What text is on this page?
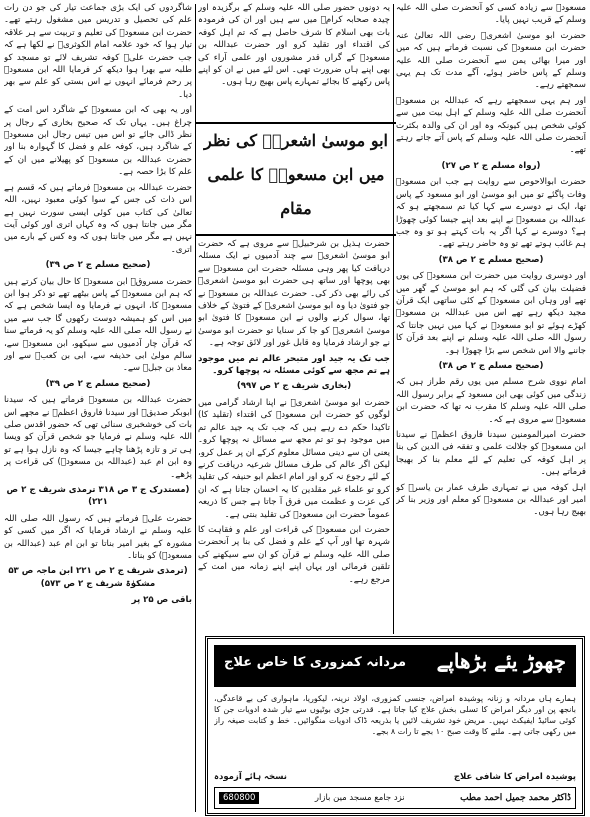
مسعودؓ سے زیادہ کسی کو آنحضرت صلی اللہ علیہ وسلم کے قریب نہیں پایا۔

حضرت ابو موسیٰ اشعریؓ رضی اللہ تعالیٰ عنہ حضرت ابن مسعودؓ کی نسبت فرماتے ہیں کہ میں اور میرا بھائی یمن سے آنحضرت صلی اللہ علیہ وسلم کے پاس حاضر ہوئے، آگے مدت تک ہم یہی سمجھتے رہے۔

اور ہم یہی سمجھتے رہے کہ عبداللہ بن مسعودؓ آنحضرت صلی اللہ علیہ وسلم کے اہل بیت میں سے کوئی شخص ہیں کیونکہ وہ اور ان کی والدہ بکثرت آنحضرت صلی اللہ علیہ وسلم کے پاس آتے جاتے رہتے تھے۔

(رواہ مسلم ج ۲ ص ۲۷)

حضرت ابوالاحوص سے روایت ہے جب ابن مسعودؓ وفات پاگئے تو میں ابو موسیٰ اور ابو مسعود کے پاس تھا، ایک نے دوسرے سے کہا کیا تم سمجھتے ہو کہ عبداللہ بن مسعودؓ نے اپنے بعد اپنے جیسا کوئی چھوڑا ہے؟ دوسرے نے کہا اگر یہ بات کہتے ہو تو وہ جب ہم غائب ہوتے تھے تو وہ حاضر رہتے تھے۔

(صحیح مسلم ج ۲ ص ۳۸)

اور دوسری روایت میں حضرت ابن مسعودؓ کی یوں فضیلت بیان کی گئی کہ ہم ابو موسیٰ کے گھر میں تھے اور وہاں ابن مسعودؓ کے کئی ساتھی ایک قرآن مجید دیکھ رہے تھے اس میں عبداللہ بن مسعودؓ کھڑے ہوئے تو ابو مسعودؓ نے کہا میں نہیں جانتا کہ رسول اللہ صلی اللہ علیہ وسلم نے اپنے بعد قرآن کا جاننے والا اس شخص سے بڑا چھوڑا ہو۔

(صحیح مسلم ج ۲ ص ۳۸)

امام نووی شرح مسلم میں یوں رقم طراز ہیں کہ زندگی میں کوئی بھی ابن مسعود کے برابر رسول اللہ صلی اللہ علیہ وسلم کا مقرب نہ تھا کہ حضرت ابن مسعودؓ سے مروی ہے کہ۔

حضرت امیرالمومنین سیدنا فاروق اعظمؓ نے سیدنا ابن مسعودؓ کو جلالت علمی و تفقہ فی الدین کی بنا پر اہل کوفہ کی تعلیم کے لئے معلم بنا کر بھیجا فرماتے ہیں۔

اہل کوفہ میں نے تمہاری طرف عمار بن یاسرؓ کو امیر اور عبداللہ بن مسعودؓ کو معلم اور وزیر بنا کر بھیج رہا ہوں۔

یہ دونوں حضور صلی اللہ علیہ وسلم کے برگزیدہ اور چیدہ صحابہ کرامؓ میں سے ہیں اور ان کی فرمودہ بات بھی اسلام کا شرف حاصل ہے کہ تم اہل کوفہ کی اقتداء اور تقلید کرو اور حضرت عبداللہ بن مسعودؓ کے گراں قدر مشوروں اور علمی آراء کی بھی اپنے ہاں ضرورت تھی۔ اس لئے میں نے ان کو اپنے پاس رکھنے کا بجائے تمہارے پاس بھیج رہا ہوں۔

ابو موسیٰ اشعریؓ کی نظر میں ابن مسعودؓ کا علمی مقام

حضرت ہذیل بن شرحبیلؓ سے مروی ہے کہ حضرت ابو موسیٰ اشعریؓ سے چند آدمیوں نے ایک مسئلہ دریافت کیا پھر وہی مسئلہ حضرت ابن مسعودؓ سے بھی پوچھا اور ساتھ ہی حضرت ابو موسیٰ اشعریؓ کی رائے بھی ذکر کی۔ حضرت عبداللہ بن مسعودؓ نے جو فتویٰ دیا وہ ابو موسیٰ اشعریؓ کے فتویٰ کے خلاف تھا، سوال کرنے والوں نے ابن مسعودؓ کا فتویٰ ابو موسیٰ اشعریؓ کو جا کر سنایا تو حضرت ابو موسیٰ نے جو ارشاد فرمایا وہ قابل غور اور لائق توجہ ہے۔

جب تک یہ جید اور متبحر عالم تم میں موجود ہے تم مجھ سے کوئی مسئلہ نہ پوچھا کرو۔

(بخاری شریف ج ۲ ص ۹۹۷)

حضرت ابو موسیٰ اشعریؓ نے اپنا ارشاد گرامی میں لوگوں کو حضرت ابن مسعودؓ کی اقتداء (تقلید کا) تاکیدا حکم دے رہے ہیں کہ جب تک یہ جید عالم تم میں موجود ہو تو تم مجھ سے مسائل نہ پوچھا کرو۔ یعنی ان سے دینی مسائل معلوم کرکے ان پر عمل کرو، لیکن اگر عالم کی طرف مسائل شرعیہ دریافت کرنے کے لئے رجوع نہ کرو اور امام اعظم ابو حنیفہ کی تقلید کرو تو علماء غیر مقلدین کا یہ احسان جتانا ہے کہ ان کی عزت و عظمت میں فرق آ جاتا ہے جس کا ذریعہ عموماً حضرت ابن مسعودؓ کی تقلید بنتی ہے۔

حضرت ابن مسعودؓ کی قراءت اور علم و فقاہت کا شہرہ تھا اور آپ کے علم و فضل کی بنا پر آنحضرت صلی اللہ علیہ وسلم نے قرآن کو ان سے سیکھنے کی تلقین فرمائی اور یہاں اپنے اپنے زمانہ میں امت کے مرجع رہے۔

شاگردوں کی ایک بڑی جماعت تیار کی جو دن رات علم کی تحصیل و تدریس میں مشغول رہتے تھے۔ حضرت ابن مسعودؓ کی تعلیم و تربیت سے ہر علاقہ تیار ہوا کہ خود علامہ امام الکوثریؒ نے لکھا ہے کہ جب حضرت علیؓ کوفہ تشریف لائے تو مسجد کو طلبہ سے بھرا ہوا دیکھ کر فرمایا اللہ ابن مسعودؓ پر رحم فرمائے انہوں نے اس بستی کو علم سے بھر دیا۔

اور یہ بھی کہ ابن مسعودؓ کے شاگرد اس امت کے چراغ ہیں۔ یہاں تک کہ صحیح بخاری کے رجال پر نظر ڈالی جائے تو اس میں تیس رجال ابن مسعودؓ کے شاگرد ہیں، کوفہ علم و فضل کا گہوارہ بنا اور حضرت عبداللہ بن مسعودؓ کو پھیلانے میں ان کے علم کا بڑا حصہ ہے۔

حضرت عبداللہ بن مسعودؓ فرماتے ہیں کہ قسم ہے اس ذات کی جس کے سوا کوئی معبود نہیں، اللہ تعالیٰ کی کتاب میں کوئی ایسی سورت نہیں ہے مگر میں جانتا ہوں کہ وہ کہاں اتری اور کوئی آیت نہیں ہے مگر میں جانتا ہوں کہ وہ کس کے بارے میں اتری۔

(صحیح مسلم ج ۲ ص ۳۹)

حضرت مسروقؒ ابن مسعودؓ کا حال بیان کرتے ہیں کہ ہم ابن مسعودؓ کے پاس بیٹھے تھے تو ذکر ہوا ابن مسعودؓ کا، انہوں نے فرمایا وہ ایسا شخص ہے کہ میں اس کو ہمیشہ دوست رکھوں گا جب سے میں نے رسول اللہ صلی اللہ علیہ وسلم کو یہ فرماتے سنا کہ قرآن چار آدمیوں سے سیکھو، ابن مسعودؓ سے، سالم مولیٰ ابی حذیفہ سے، ابی بن کعبؓ سے اور معاذ بن جبلؓ سے۔

(صحیح مسلم ج ۲ ص ۳۹)

حضرت عبداللہ بن مسعودؓ فرماتے ہیں کہ سیدنا ابوبکر صدیقؓ اور سیدنا فاروق اعظمؓ نے مجھے اس بات کی خوشخبری سنائی تھی کہ حضور اقدس صلی اللہ علیہ وسلم نے فرمایا جو شخص قرآن کو ویسا ہی تر و تازہ پڑھنا چاہے جیسا کہ وہ نازل ہوا ہے تو وہ ابن ام عبد (عبداللہ بن مسعودؓ) کی قراءت پر پڑھے۔

(مستدرک ج ۳ ص ۳۱۸ ترمذی شریف ج ۲ ص ۲۲۱)

حضرت علیؓ فرماتے ہیں کہ رسول اللہ صلی اللہ علیہ وسلم نے ارشاد فرمایا کہ اگر میں کسی کو مشورہ کے بغیر امیر بناتا تو ابن ام عبد (عبداللہ بن مسعودؓ) کو بناتا۔

(ترمذی شریف ج ۲ ص ۲۲۱ ابن ماجہ ص ۵۳ مشکوٰۃ شریف ج ۲ ص ۵۷۳)
باقی ص ۲۵ پر
چھوڑ یئے بڑھاپے
مردانہ کمزوری کا خاص علاج
ہمارے ہاں مردانہ و زنانہ پوشیدہ امراض، جنسی کمزوری، اولاد نرینہ، لیکوریا، ماہواری کی بے قاعدگی، بانجھ پن اور دیگر امراض کا تسلی بخش علاج کیا جاتا ہے۔ قدرتی جڑی بوٹیوں سے تیار شدہ ادویات جن کا کوئی سائیڈ ایفیکٹ نہیں۔ مریض خود تشریف لائیں یا بذریعہ ڈاک ادویات منگوائیں۔ خط و کتابت صیغہ راز میں رکھی جاتی ہے۔ ملنے کا وقت صبح ۱۰ بجے تا رات ۸ بجے۔
پوشیدہ امراض کا شافی علاج
نسخہ ہائے آزمودہ
ڈاکٹر محمد جمیل احمد مطب
نزد جامع مسجد مین بازار
680800
